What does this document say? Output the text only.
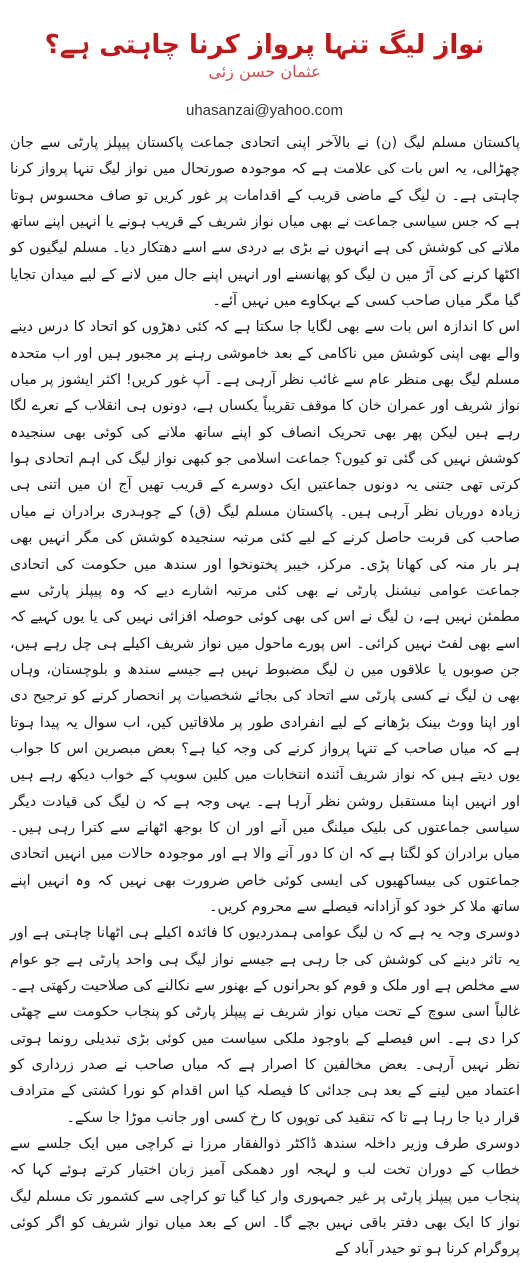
نواز لیگ تنہا پرواز کرنا چاہتی ہے؟
عثمان حسن زئی
uhasanzai@yahoo.com

پاکستان مسلم لیگ (ن) نے بالآخر اپنی اتحادی جماعت پاکستان پیپلز پارٹی سے جان چھڑالی، یہ اس بات کی علامت ہے کہ موجودہ صورتحال میں نواز لیگ تنہا پرواز کرنا چاہتی ہے۔ ن لیگ کے ماضی قریب کے اقدامات پر غور کریں تو صاف محسوس ہوتا ہے کہ جس سیاسی جماعت نے بھی میاں نواز شریف کے قریب ہونے یا انہیں اپنے ساتھ ملانے کی کوشش کی ہے انہوں نے بڑی بے دردی سے اسے دھتکار دیا۔ مسلم لیگیوں کو اکٹھا کرنے کی آڑ میں ن لیگ کو پھانسنے اور انہیں اپنے جال میں لانے کے لیے میدان تجایا گیا مگر میاں صاحب کسی کے بہکاوے میں نہیں آئے۔

اس کا اندازہ اس بات سے بھی لگایا جا سکتا ہے کہ کئی دھڑوں کو اتحاد کا درس دینے والے بھی اپنی کوشش میں ناکامی کے بعد خاموشی رہنے پر مجبور ہیں اور اب متحدہ مسلم لیگ بھی منظر عام سے غائب نظر آرہی ہے۔ آپ غور کریں! اکثر ایشوز پر میاں نواز شریف اور عمران خان کا موقف تقریباً یکساں ہے، دونوں ہی انقلاب کے نعرے لگا رہے ہیں لیکن پھر بھی تحریک انصاف کو اپنے ساتھ ملانے کی کوئی بھی سنجیدہ کوشش نہیں کی گئی تو کیوں؟ جماعت اسلامی جو کبھی نواز لیگ کی اہم اتحادی ہوا کرتی تھی جتنی یہ دونوں جماعتیں ایک دوسرے کے قریب تھیں آج ان میں اتنی ہی زیادہ دوریاں نظر آرہی ہیں۔ پاکستان مسلم لیگ (ق) کے چوہدری برادران نے میاں صاحب کی قربت حاصل کرنے کے لیے کئی مرتبہ سنجیدہ کوشش کی مگر انہیں بھی ہر بار منہ کی کھانا پڑی۔ مرکز، خیبر پختونخوا اور سندھ میں حکومت کی اتحادی جماعت عوامی نیشنل پارٹی نے بھی کئی مرتبہ اشارے دیے کہ وہ پیپلز پارٹی سے مطمئن نہیں ہے، ن لیگ نے اس کی بھی کوئی حوصلہ افزائی نہیں کی یا یوں کہیے کہ اسے بھی لفٹ نہیں کرائی۔ اس پورے ماحول میں نواز شریف اکیلے ہی چل رہے ہیں، جن صوبوں یا علاقوں میں ن لیگ مضبوط نہیں ہے جیسے سندھ و بلوچستان، وہاں بھی ن لیگ نے کسی پارٹی سے اتحاد کی بجائے شخصیات پر انحصار کرنے کو ترجیح دی اور اپنا ووٹ بینک بڑھانے کے لیے انفرادی طور پر ملاقاتیں کیں، اب سوال یہ پیدا ہوتا ہے کہ میاں صاحب کے تنہا پرواز کرنے کی وجہ کیا ہے؟ بعض مبصرین اس کا جواب یوں دیتے ہیں کہ نواز شریف آئندہ انتخابات میں کلین سویپ کے خواب دیکھ رہے ہیں اور انہیں اپنا مستقبل روشن نظر آرہا ہے۔ یہی وجہ ہے کہ ن لیگ کی قیادت دیگر سیاسی جماعتوں کی بلیک میلنگ میں آنے اور ان کا بوجھ اٹھانے سے کترا رہی ہیں۔ میاں برادران کو لگتا ہے کہ ان کا دور آنے والا ہے اور موجودہ حالات میں انہیں اتحادی جماعتوں کی بیساکھیوں کی ایسی کوئی خاص ضرورت بھی نہیں کہ وہ انہیں اپنے ساتھ ملا کر خود کو آزادانہ فیصلے سے محروم کریں۔

دوسری وجہ یہ ہے کہ ن لیگ عوامی ہمدردیوں کا فائدہ اکیلے ہی اٹھانا چاہتی ہے اور یہ تاثر دینے کی کوشش کی جا رہی ہے جیسے نواز لیگ ہی واحد پارٹی ہے جو عوام سے مخلص ہے اور ملک و قوم کو بحرانوں کے بھنور سے نکالنے کی صلاحیت رکھتی ہے۔ غالباً اسی سوچ کے تحت میاں نواز شریف نے پیپلز پارٹی کو پنجاب حکومت سے چھٹی کرا دی ہے۔ اس فیصلے کے باوجود ملکی سیاست میں کوئی بڑی تبدیلی رونما ہوتی نظر نہیں آرہی۔ بعض مخالفین کا اصرار ہے کہ میاں صاحب نے صدر زرداری کو اعتماد میں لینے کے بعد ہی جدائی کا فیصلہ کیا اس اقدام کو نورا کشتی کے مترادف قرار دیا جا رہا ہے تا کہ تنقید کی توپوں کا رخ کسی اور جانب موڑا جا سکے۔

دوسری طرف وزیر داخلہ سندھ ڈاکٹر ذوالفقار مرزا نے کراچی میں ایک جلسے سے خطاب کے دوران تخت لب و لہجہ اور دھمکی آمیز زبان اختیار کرتے ہوئے کہا کہ پنجاب میں پیپلز پارٹی پر غیر جمہوری وار کیا گیا تو کراچی سے کشمور تک مسلم لیگ نواز کا ایک بھی دفتر باقی نہیں بچے گا۔ اس کے بعد میاں نواز شریف کو اگر کوئی پروگرام کرنا ہو تو حیدر آباد کے
